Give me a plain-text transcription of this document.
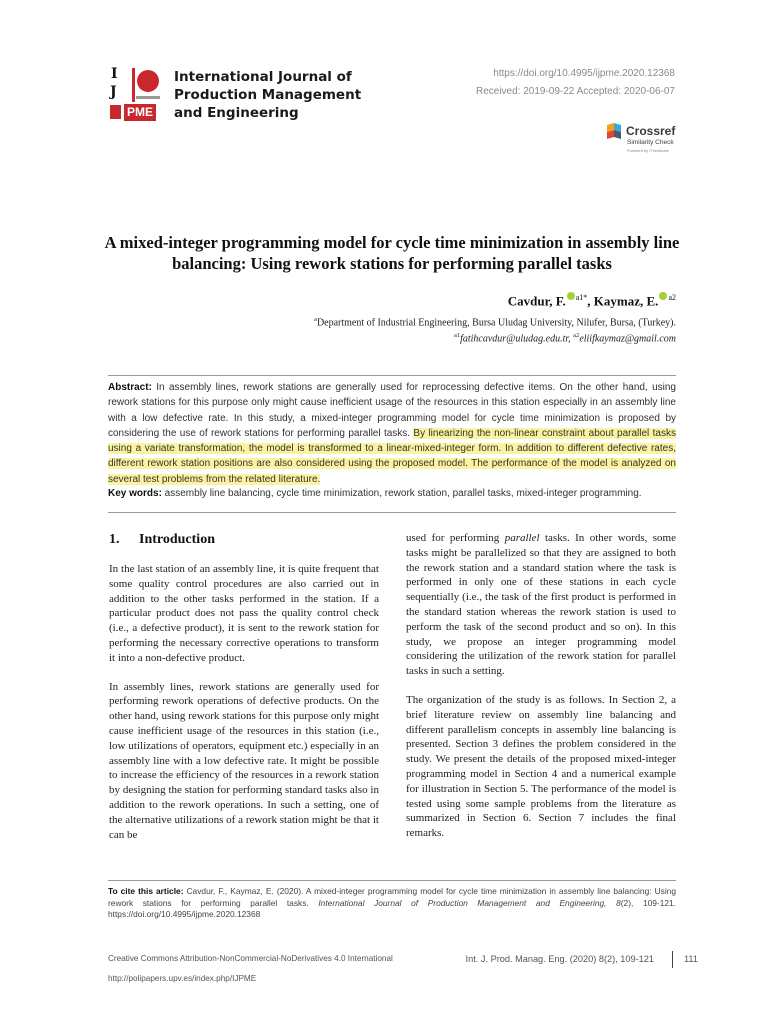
I
J
PME
International Journal of Production Management and Engineering
https://doi.org/10.4995/ijpme.2020.12368
Received: 2019-09-22 Accepted: 2020-06-07
Crossref
Similarity Check
Powered by iThenticate
A mixed-integer programming model for cycle time minimization in assembly line balancing: Using rework stations for performing parallel tasks
Cavdur, F. $^{a1*}$, Kaymaz, E. $^{a2}$
$^a$Department of Industrial Engineering, Bursa Uludag University, Nilufer, Bursa, (Turkey).
$^{a1}$fatihcavdur@uludag.edu.tr, $^{a2}$eliifkaymaz@gmail.com
Abstract: In assembly lines, rework stations are generally used for reprocessing defective items. On the other hand, using rework stations for this purpose only might cause inefficient usage of the resources in this station especially in an assembly line with a low defective rate. In this study, a mixed-integer programming model for cycle time minimization is proposed by considering the use of rework stations for performing parallel tasks. By linearizing the non-linear constraint about parallel tasks using a variate transformation, the model is transformed to a linear-mixed-integer form. In addition to different defective rates, different rework station positions are also considered using the proposed model. The performance of the model is analyzed on several test problems from the related literature.
Key words: assembly line balancing, cycle time minimization, rework station, parallel tasks, mixed-integer programming.
1. Introduction

In the last station of an assembly line, it is quite frequent that some quality control procedures are also carried out in addition to the other tasks performed in the station. If a particular product does not pass the quality control check (i.e., a defective product), it is sent to the rework station for performing the necessary corrective operations to transform it into a non-defective product.

In assembly lines, rework stations are generally used for performing rework operations of defective products. On the other hand, using rework stations for this purpose only might cause inefficient usage of the resources in this station (i.e., low utilizations of operators, equipment etc.) especially in an assembly line with a low defective rate. It might be possible to increase the efficiency of the resources in a rework station by designing the station for performing standard tasks also in addition to the rework operations. In such a setting, one of the alternative utilizations of a rework station might be that it can be

used for performing parallel tasks. In other words, some tasks might be parallelized so that they are assigned to both the rework station and a standard station where the task is performed in only one of these stations in each cycle sequentially (i.e., the task of the first product is performed in the standard station whereas the rework station is used to perform the task of the second product and so on). In this study, we propose an integer programming model considering the utilization of the rework station for parallel tasks in such a setting.

The organization of the study is as follows. In Section 2, a brief literature review on assembly line balancing and different parallelism concepts in assembly line balancing is presented. Section 3 defines the problem considered in the study. We present the details of the proposed mixed-integer programming model in Section 4 and a numerical example for illustration in Section 5. The performance of the model is tested using some sample problems from the literature as summarized in Section 6. Section 7 includes the final remarks.

To cite this article: Cavdur, F., Kaymaz, E. (2020). A mixed-integer programming model for cycle time minimization in assembly line balancing: Using rework stations for performing parallel tasks. International Journal of Production Management and Engineering, 8(2), 109-121. https://doi.org/10.4995/ijpme.2020.12368
Creative Commons Attribution-NonCommercial-NoDerivatives 4.0 International
http://polipapers.upv.es/index.php/IJPME
Int. J. Prod. Manag. Eng. (2020) 8(2), 109-121	111
